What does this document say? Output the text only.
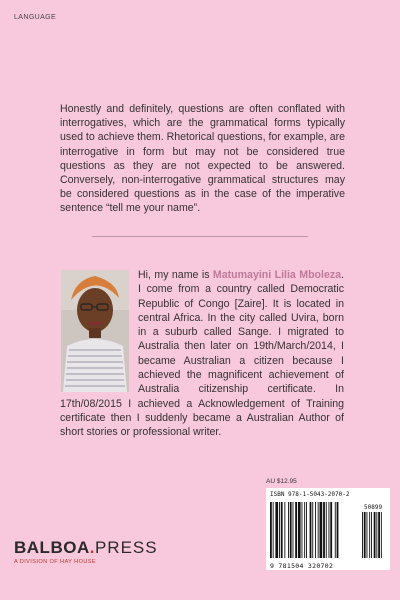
LANGUAGE
Honestly and definitely, questions are often conflated with interrogatives, which are the grammatical forms typically used to achieve them. Rhetorical questions, for example, are interrogative in form but may not be considered true questions as they are not expected to be answered. Conversely, non-interrogative grammatical structures may be considered questions as in the case of the imperative sentence “tell me your name”.
Hi, my name is Matumayini Lilia Mboleza. I come from a country called Democratic Republic of Congo [Zaire]. It is located in central Africa. In the city called Uvira, born in a suburb called Sange. I migrated to Australia then later on 19th/March/2014, I became Australian a citizen because I achieved the magnificent achievement of Australia citizenship certificate. In 17th/08/2015 I achieved a Acknowledgement of Training certificate then I suddenly became a Australian Author of short stories or professional writer.
BALBOA.PRESS
A DIVISION OF HAY HOUSE
AU $12.95
ISBN 978-1-5043-2070-2
50899
9 781504 320702
